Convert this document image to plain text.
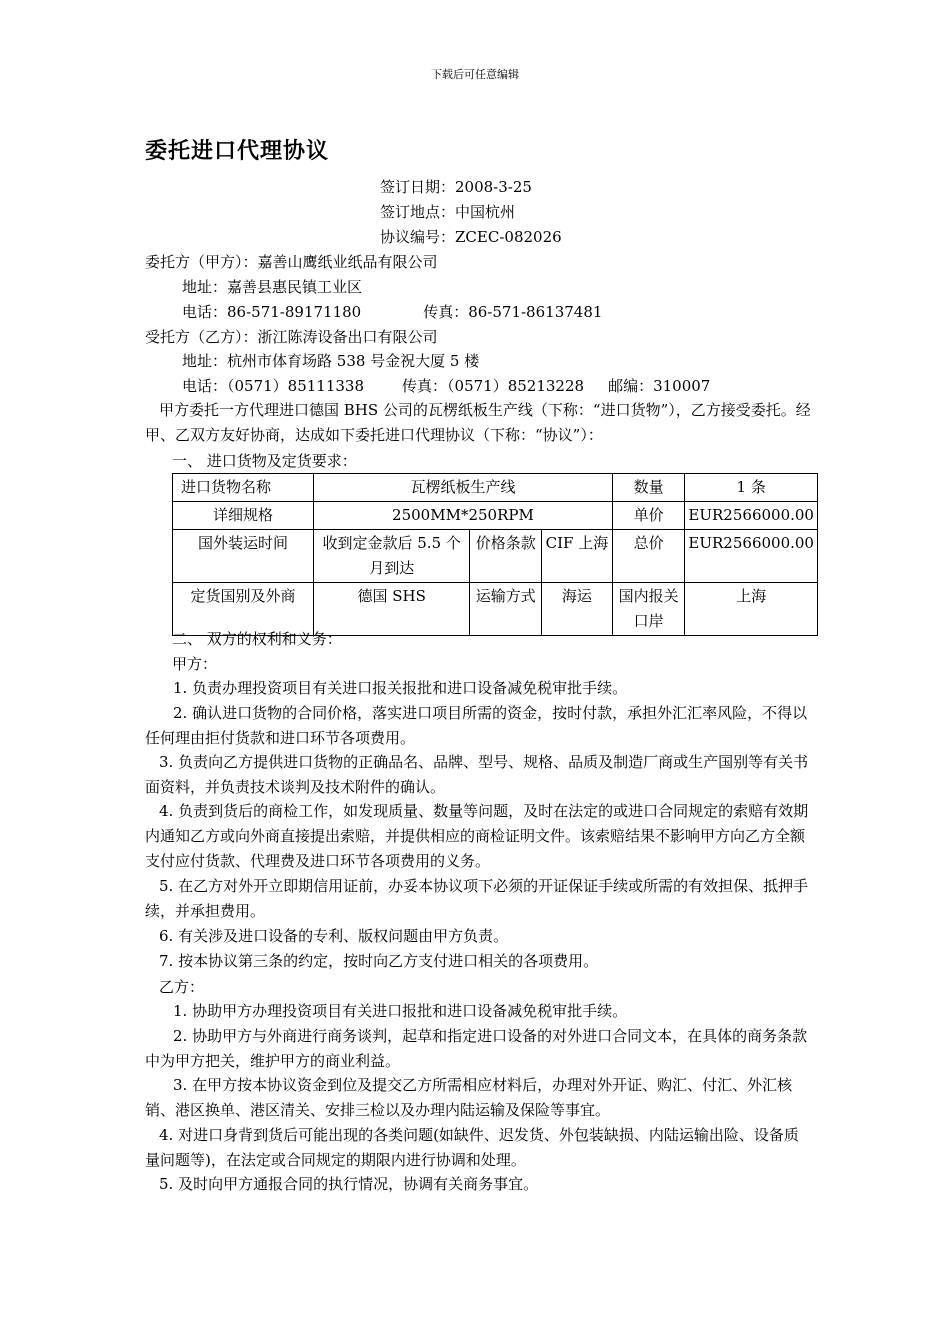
下载后可任意编辑
委托进口代理协议
签订日期：2008-3-25
签订地点：中国杭州
协议编号：ZCEC-082026
委托方（甲方）：嘉善山鹰纸业纸品有限公司
地址：嘉善县惠民镇工业区
电话：86-571-89171180	传真：86-571-86137481
受托方（乙方）：浙江陈涛设备出口有限公司
地址：杭州市体育场路 538 号金祝大厦 5 楼
电话：（0571）85111338	传真：（0571）85213228 邮编：310007
甲方委托一方代理进口德国 BHS 公司的瓦楞纸板生产线（下称：“进口货物”），乙方接受委托。经甲、乙双方友好协商，达成如下委托进口代理协议（下称：“协议”）：
一、 进口货物及定货要求：
进口货物名称	瓦楞纸板生产线			数量	1 条
详细规格	2500MM*250RPM			单价	EUR2566000.00
国外装运时间	收到定金款后 5.5 个月到达	价格条款	CIF 上海	总价	EUR2566000.00
定货国别及外商	德国 SHS	运输方式	海运	国内报关口岸	上海
二、 双方的权利和义务：
甲方：
1. 负责办理投资项目有关进口报关报批和进口设备减免税审批手续。
2. 确认进口货物的合同价格，落实进口项目所需的资金，按时付款，承担外汇汇率风险，不得以任何理由拒付货款和进口环节各项费用。
3. 负责向乙方提供进口货物的正确品名、品牌、型号、规格、品质及制造厂商或生产国别等有关书面资料，并负责技术谈判及技术附件的确认。
4. 负责到货后的商检工作，如发现质量、数量等问题，及时在法定的或进口合同规定的索赔有效期内通知乙方或向外商直接提出索赔，并提供相应的商检证明文件。该索赔结果不影响甲方向乙方全额支付应付货款、代理费及进口环节各项费用的义务。
5. 在乙方对外开立即期信用证前，办妥本协议项下必须的开证保证手续或所需的有效担保、抵押手续，并承担费用。
6. 有关涉及进口设备的专利、版权问题由甲方负责。
7. 按本协议第三条的约定，按时向乙方支付进口相关的各项费用。
乙方：
1. 协助甲方办理投资项目有关进口报批和进口设备减免税审批手续。
2. 协助甲方与外商进行商务谈判，起草和指定进口设备的对外进口合同文本，在具体的商务条款中为甲方把关，维护甲方的商业利益。
3. 在甲方按本协议资金到位及提交乙方所需相应材料后，办理对外开证、购汇、付汇、外汇核销、港区换单、港区清关、安排三检以及办理内陆运输及保险等事宜。
4. 对进口身背到货后可能出现的各类问题(如缺件、迟发货、外包装缺损、内陆运输出险、设备质量问题等)，在法定或合同规定的期限内进行协调和处理。
5. 及时向甲方通报合同的执行情况，协调有关商务事宜。
